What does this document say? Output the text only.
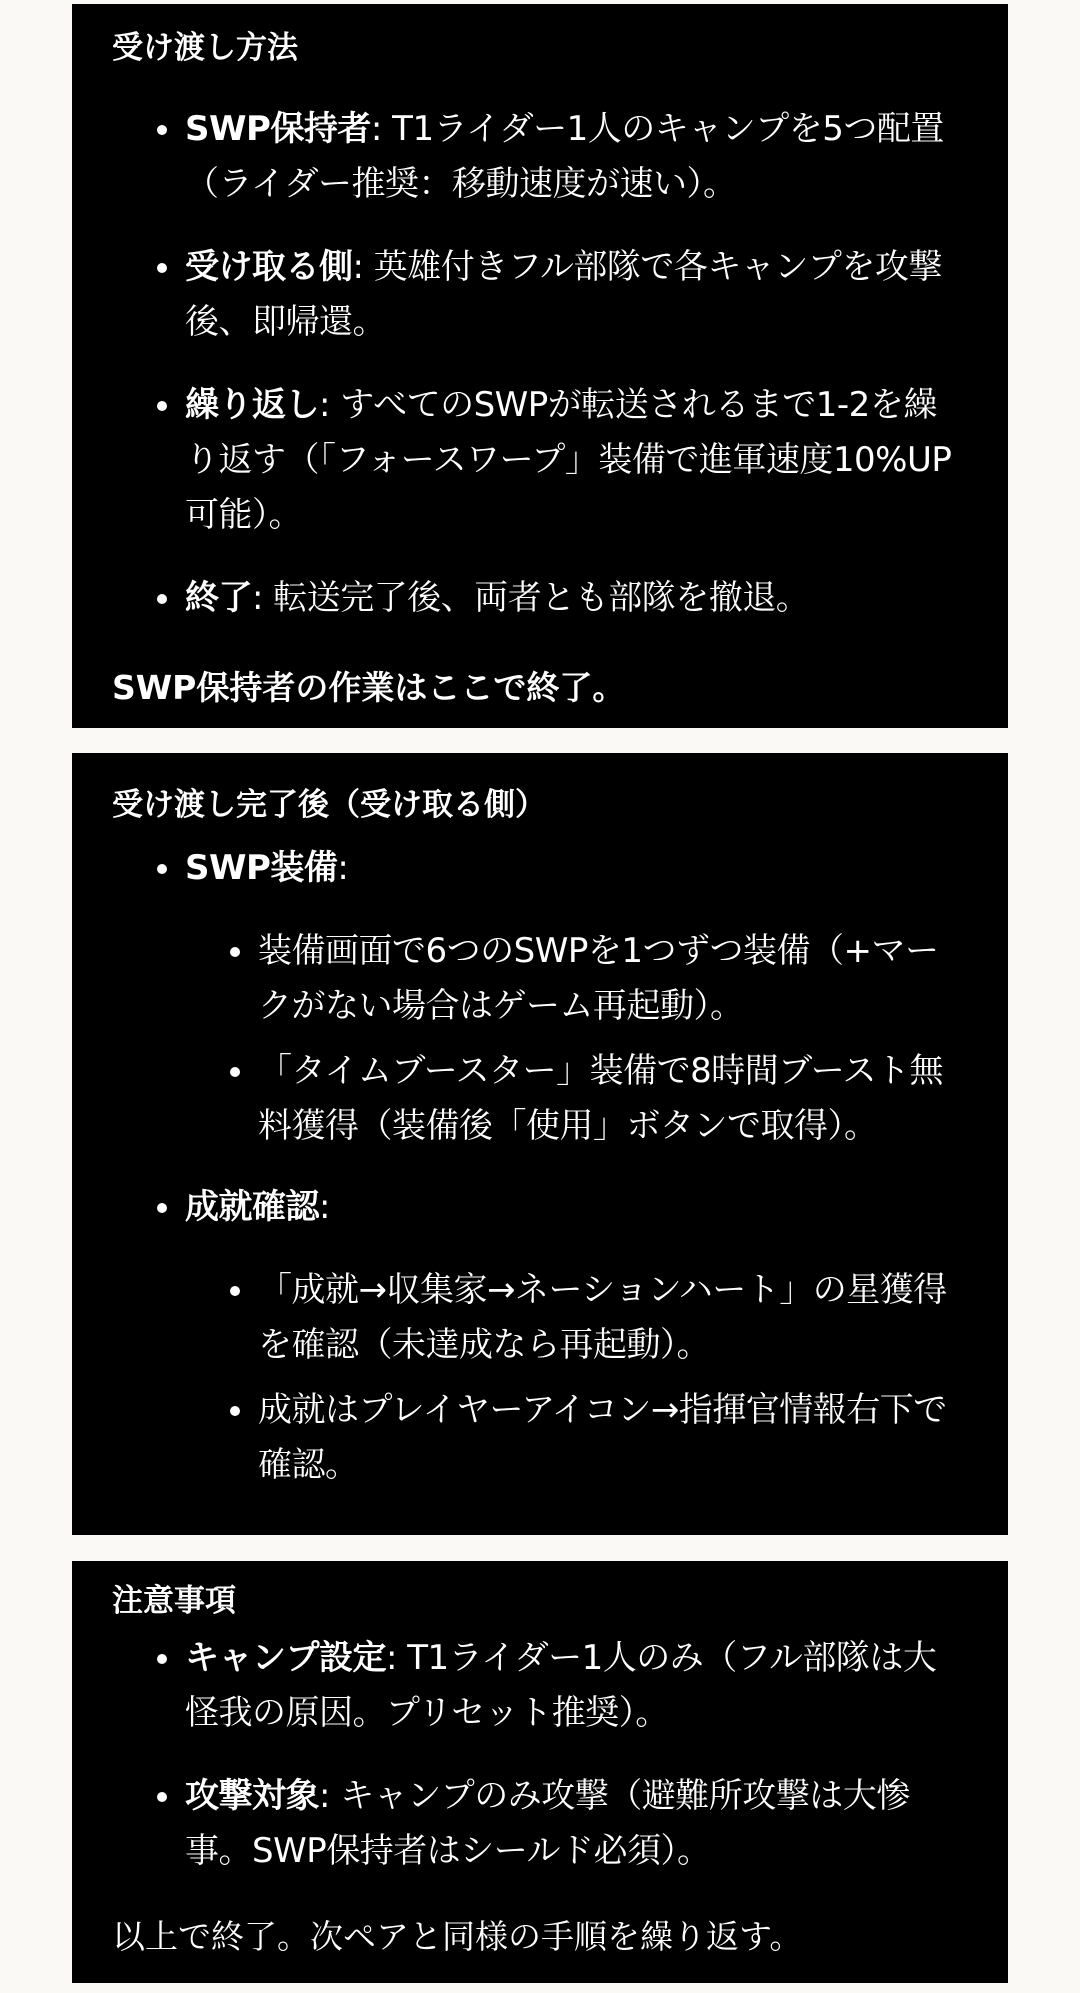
受け渡し方法
SWP保持者: T1ライダー1人のキャンプを5つ配置（ライダー推奨：移動速度が速い）。
受け取る側: 英雄付きフル部隊で各キャンプを攻撃後、即帰還。
繰り返し: すべてのSWPが転送されるまで1-2を繰り返す（「フォースワープ」装備で進軍速度10%UP可能）。
終了: 転送完了後、両者とも部隊を撤退。

SWP保持者の作業はここで終了。

受け渡し完了後（受け取る側）
SWP装備:
装備画面で6つのSWPを1つずつ装備（+マークがない場合はゲーム再起動）。
「タイムブースター」装備で8時間ブースト無料獲得（装備後「使用」ボタンで取得）。
成就確認:
「成就→収集家→ネーションハート」の星獲得を確認（未達成なら再起動）。
成就はプレイヤーアイコン→指揮官情報右下で確認。
注意事項
キャンプ設定: T1ライダー1人のみ（フル部隊は大怪我の原因。プリセット推奨）。
攻撃対象: キャンプのみ攻撃（避難所攻撃は大惨事。SWP保持者はシールド必須）。

以上で終了。次ペアと同様の手順を繰り返す。
